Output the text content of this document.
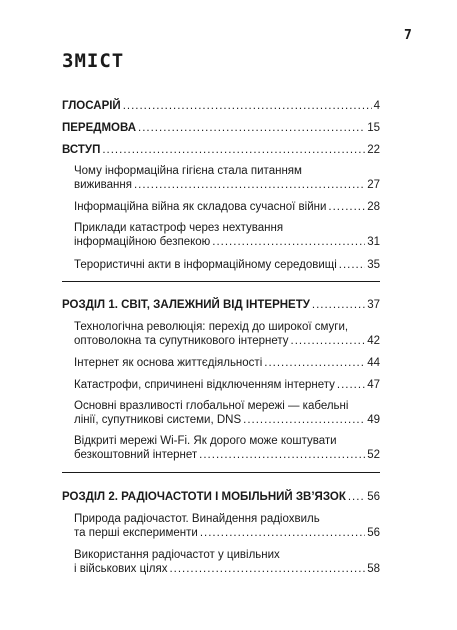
7
ЗМІСТ
ГЛОСАРІЙ .....	4
ПЕРЕДМОВА .....	15
ВСТУП .....	22
Чому інформаційна гігієна стала питанням
виживання .....	27
Інформаційна війна як складова сучасної війни .....	28
Приклади катастроф через нехтування
інформаційною безпекою .....	31
Терористичні акти в інформаційному середовищі .....	35
РОЗДІЛ 1. СВІТ, ЗАЛЕЖНИЙ ВІД ІНТЕРНЕТУ .....	37
Технологічна революція: перехід до широкої смуги,
оптоволокна та супутникового інтернету .....	42
Інтернет як основа життєдіяльності .....	44
Катастрофи, спричинені відключенням інтернету .....	47
Основні вразливості глобальної мережі — кабельні
лінії, супутникові системи, DNS .....	49
Відкриті мережі Wi-Fi. Як дорого може коштувати
безкоштовний інтернет .....	52
РОЗДІЛ 2. РАДІОЧАСТОТИ І МОБІЛЬНИЙ ЗВ’ЯЗОК ..... 56
Природа радіочастот. Винайдення радіохвиль
та перші експерименти .....	56
Використання радіочастот у цивільних
і військових цілях .....	58
